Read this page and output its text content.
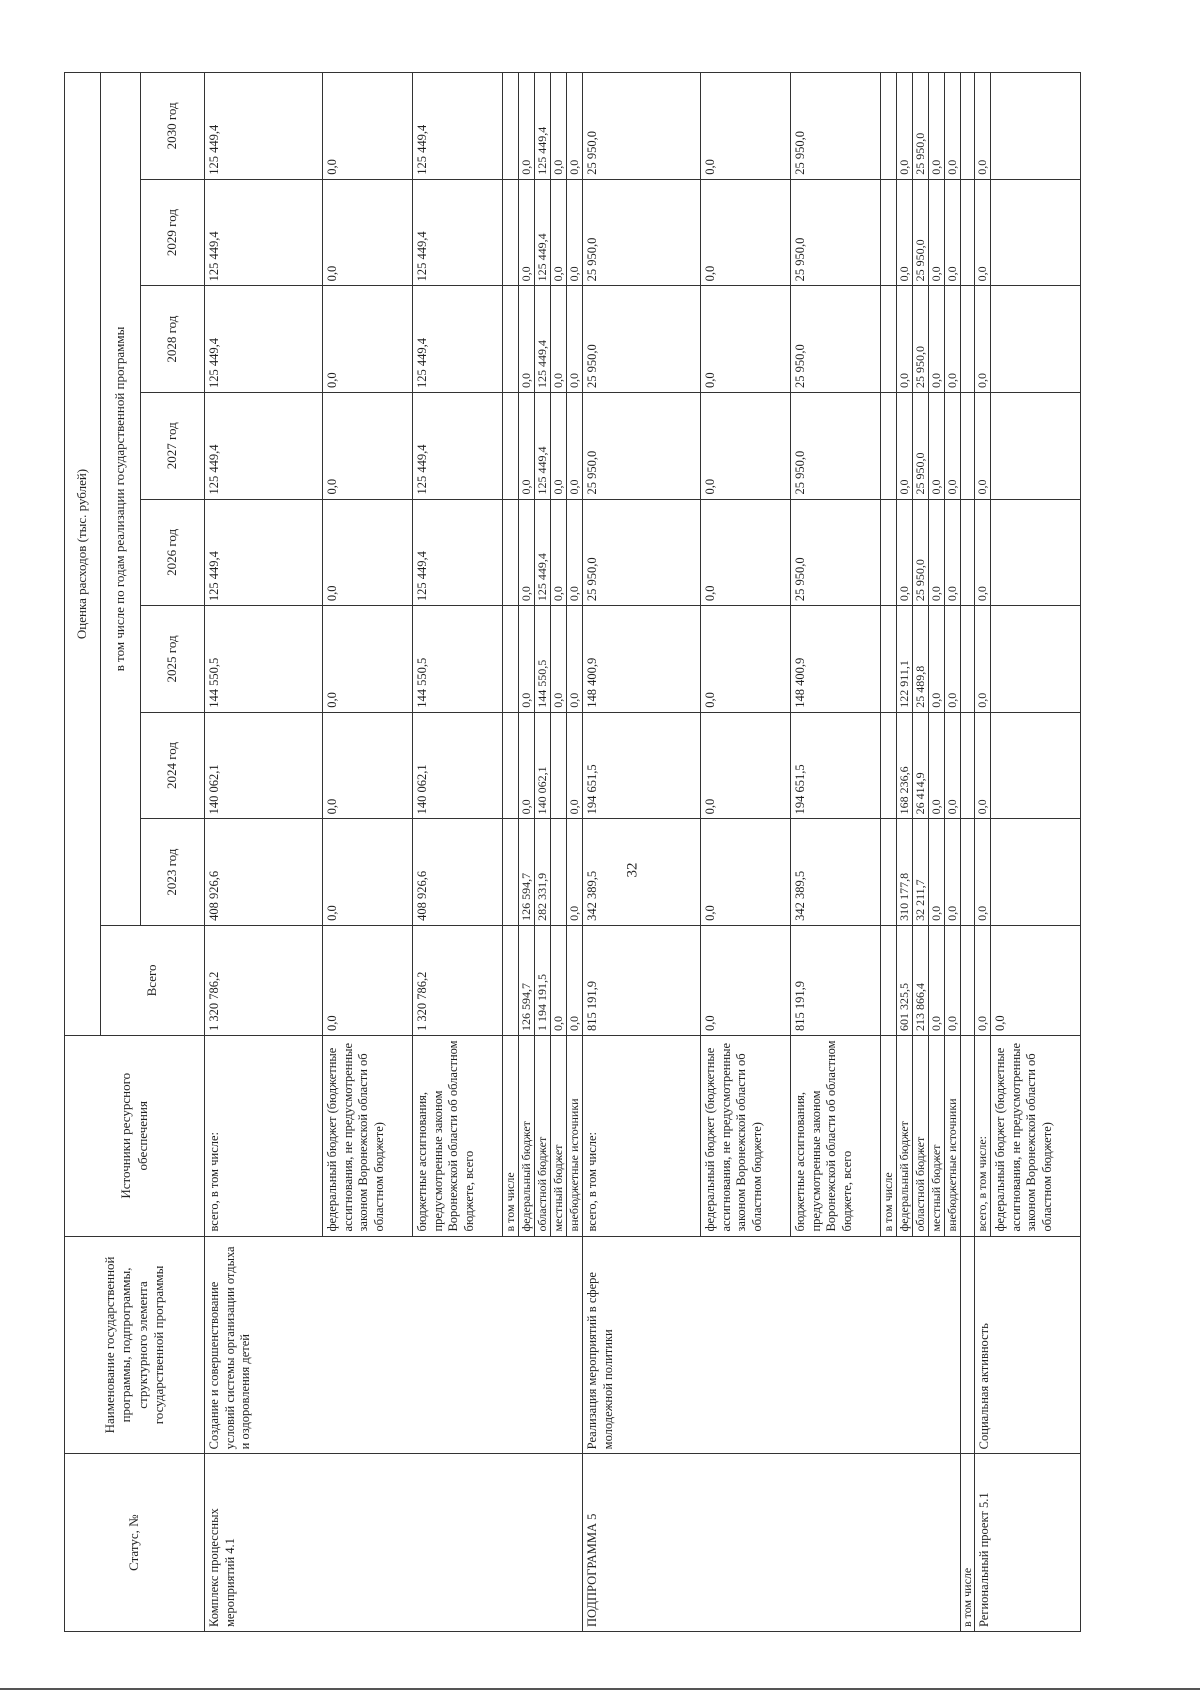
32
Статус, №	Наименование государственной программы, подпрограммы, структурного элемента государственной программы	Источники ресурсного обеспечения	Оценка расходов (тыс. рублей)								
			Всего	в том числе по годам реализации государственной программы							
				2023 год	2024 год	2025 год	2026 год	2027 год	2028 год	2029 год	2030 год
Комплекс процессных мероприятий 4.1	Создание и совершенствование условий системы организации отдыха и оздоровления детей	всего, в том числе:	1 320 786,2	408 926,6	140 062,1	144 550,5	125 449,4	125 449,4	125 449,4	125 449,4	125 449,4
		федеральный бюджет (бюджетные ассигнования, не предусмотренные законом Воронежской области об областном бюджете)	0,0	0,0	0,0	0,0	0,0	0,0	0,0	0,0	0,0
		бюджетные ассигнования, предусмотренные законом Воронежской области об областном бюджете, всего	1 320 786,2	408 926,6	140 062,1	144 550,5	125 449,4	125 449,4	125 449,4	125 449,4	125 449,4
		в том числе									
		федеральный бюджет	126 594,7	126 594,7	0,0	0,0	0,0	0,0	0,0	0,0	0,0
		областной бюджет	1 194 191,5	282 331,9	140 062,1	144 550,5	125 449,4	125 449,4	125 449,4	125 449,4	125 449,4
		местный бюджет	0,0			0,0	0,0	0,0	0,0	0,0	0,0
		внебюджетные источники	0,0	0,0	0,0	0,0	0,0	0,0	0,0	0,0	0,0
ПОДПРОГРАММА 5	Реализация мероприятий в сфере молодежной политики	всего, в том числе:	815 191,9	342 389,5	194 651,5	148 400,9	25 950,0	25 950,0	25 950,0	25 950,0	25 950,0
		федеральный бюджет (бюджетные ассигнования, не предусмотренные законом Воронежской области об областном бюджете)	0,0	0,0	0,0	0,0	0,0	0,0	0,0	0,0	0,0
		бюджетные ассигнования, предусмотренные законом Воронежской области об областном бюджете, всего	815 191,9	342 389,5	194 651,5	148 400,9	25 950,0	25 950,0	25 950,0	25 950,0	25 950,0
		в том числе									
		федеральный бюджет	601 325,5	310 177,8	168 236,6	122 911,1	0,0	0,0	0,0	0,0	0,0
		областной бюджет	213 866,4	32 211,7	26 414,9	25 489,8	25 950,0	25 950,0	25 950,0	25 950,0	25 950,0
		местный бюджет	0,0	0,0	0,0	0,0	0,0	0,0	0,0	0,0	0,0
		внебюджетные источники	0,0	0,0	0,0	0,0	0,0	0,0	0,0	0,0	0,0
в том числе											
Региональный проект 5.1	Социальная активность	всего, в том числе:	0,0	0,0	0,0	0,0	0,0	0,0	0,0	0,0	0,0
		федеральный бюджет (бюджетные ассигнования, не предусмотренные законом Воронежской области об областном бюджете)	0,0								
